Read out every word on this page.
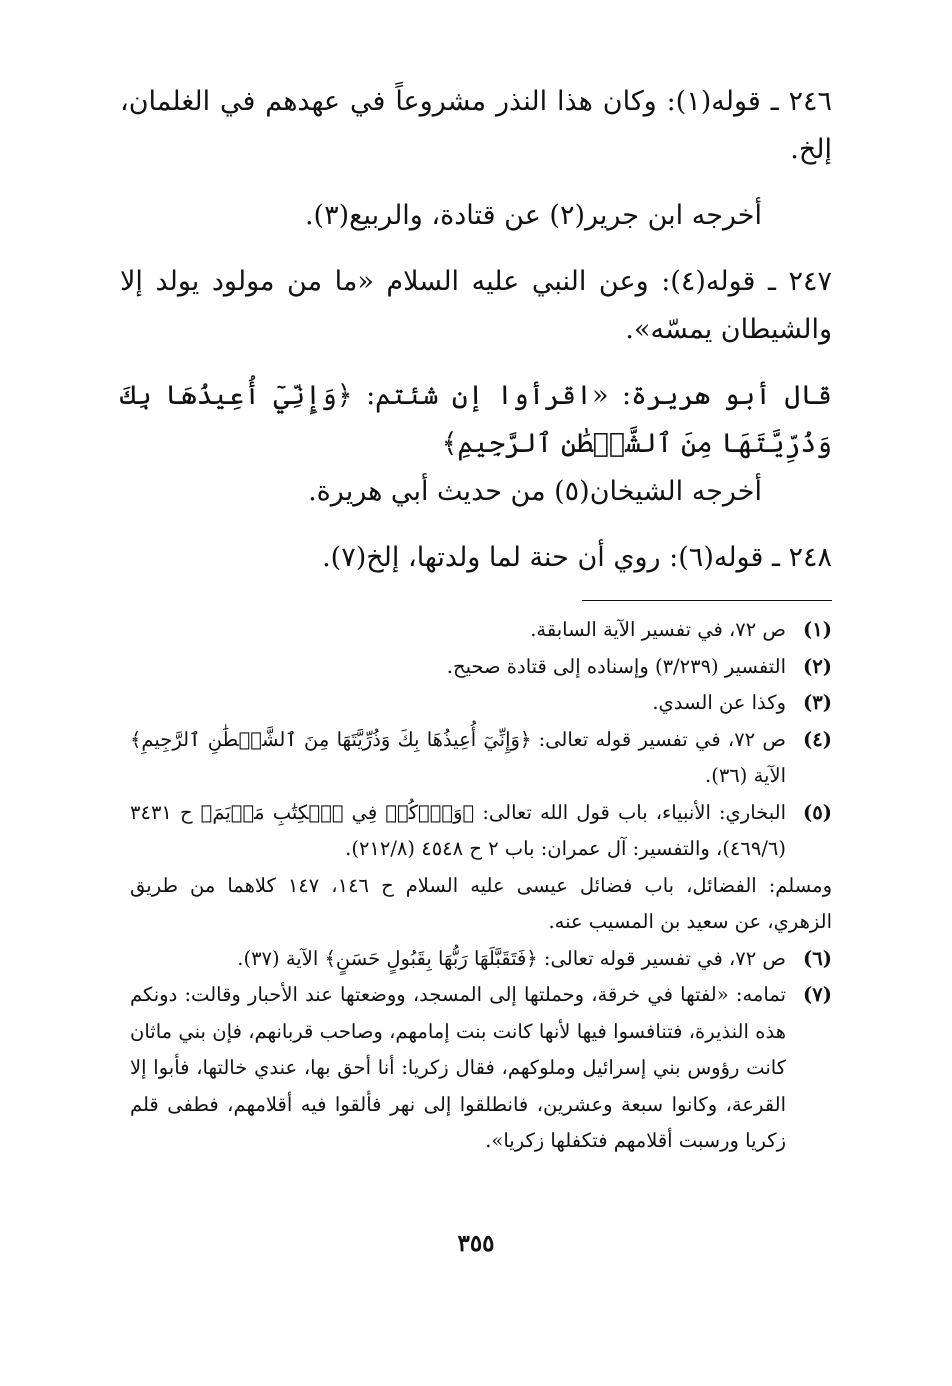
٢٤٦ ـ قوله(١): وكان هذا النذر مشروعاً في عهدهم في الغلمان، إلخ.

أخرجه ابن جرير(٢) عن قتادة، والربيع(٣).

٢٤٧ ـ قوله(٤): وعن النبي عليه السلام «ما من مولود يولد إلا والشيطان يمسّه».

قال أبو هريرة: «اقرأوا إن شئتم: ﴿وَإِنِّيٓ أُعِيذُهَا بِكَ وَذُرِّيَّتَهَا مِنَ ٱلشَّيۡطَٰنِ ٱلرَّجِيمِ﴾

أخرجه الشيخان(٥) من حديث أبي هريرة.

٢٤٨ ـ قوله(٦): روي أن حنة لما ولدتها، إلخ(٧).

(١)
ص ٧٢، في تفسير الآية السابقة.
(٢)
التفسير (٣/٢٣٩) وإسناده إلى قتادة صحيح.
(٣)
وكذا عن السدي.
(٤)
ص ٧٢، في تفسير قوله تعالى: ﴿وَإِنِّيٓ أُعِيذُهَا بِكَ وَذُرِّيَّتَهَا مِنَ ٱلشَّيۡطَٰنِ ٱلرَّجِيمِ﴾ الآية (٣٦).
(٥)
البخاري: الأنبياء، باب قول الله تعالى: ﴿وَٱذۡكُرۡ فِي ٱلۡكِتَٰبِ مَرۡيَمَ﴾ ح ٣٤٣١ (٤٦٩/٦)، والتفسير: آل عمران: باب ٢ ح ٤٥٤٨ (٢١٢/٨).
ومسلم: الفضائل، باب فضائل عيسى عليه السلام ح ١٤٦، ١٤٧ كلاهما من طريق الزهري، عن سعيد بن المسيب عنه.
(٦)
ص ٧٢، في تفسير قوله تعالى: ﴿فَتَقَبَّلَهَا رَبُّهَا بِقَبُولٍ حَسَنٍ﴾ الآية (٣٧).
(٧)
تمامه: «لفتها في خرقة، وحملتها إلى المسجد، ووضعتها عند الأحبار وقالت: دونكم هذه النذيرة، فتنافسوا فيها لأنها كانت بنت إمامهم، وصاحب قربانهم، فإن بني ماثان كانت رؤوس بني إسرائيل وملوكهم، فقال زكريا: أنا أحق بها، عندي خالتها، فأبوا إلا القرعة، وكانوا سبعة وعشرين، فانطلقوا إلى نهر فألقوا فيه أقلامهم، فطفى قلم زكريا ورسبت أقلامهم فتكفلها زكريا».
٣٥٥
